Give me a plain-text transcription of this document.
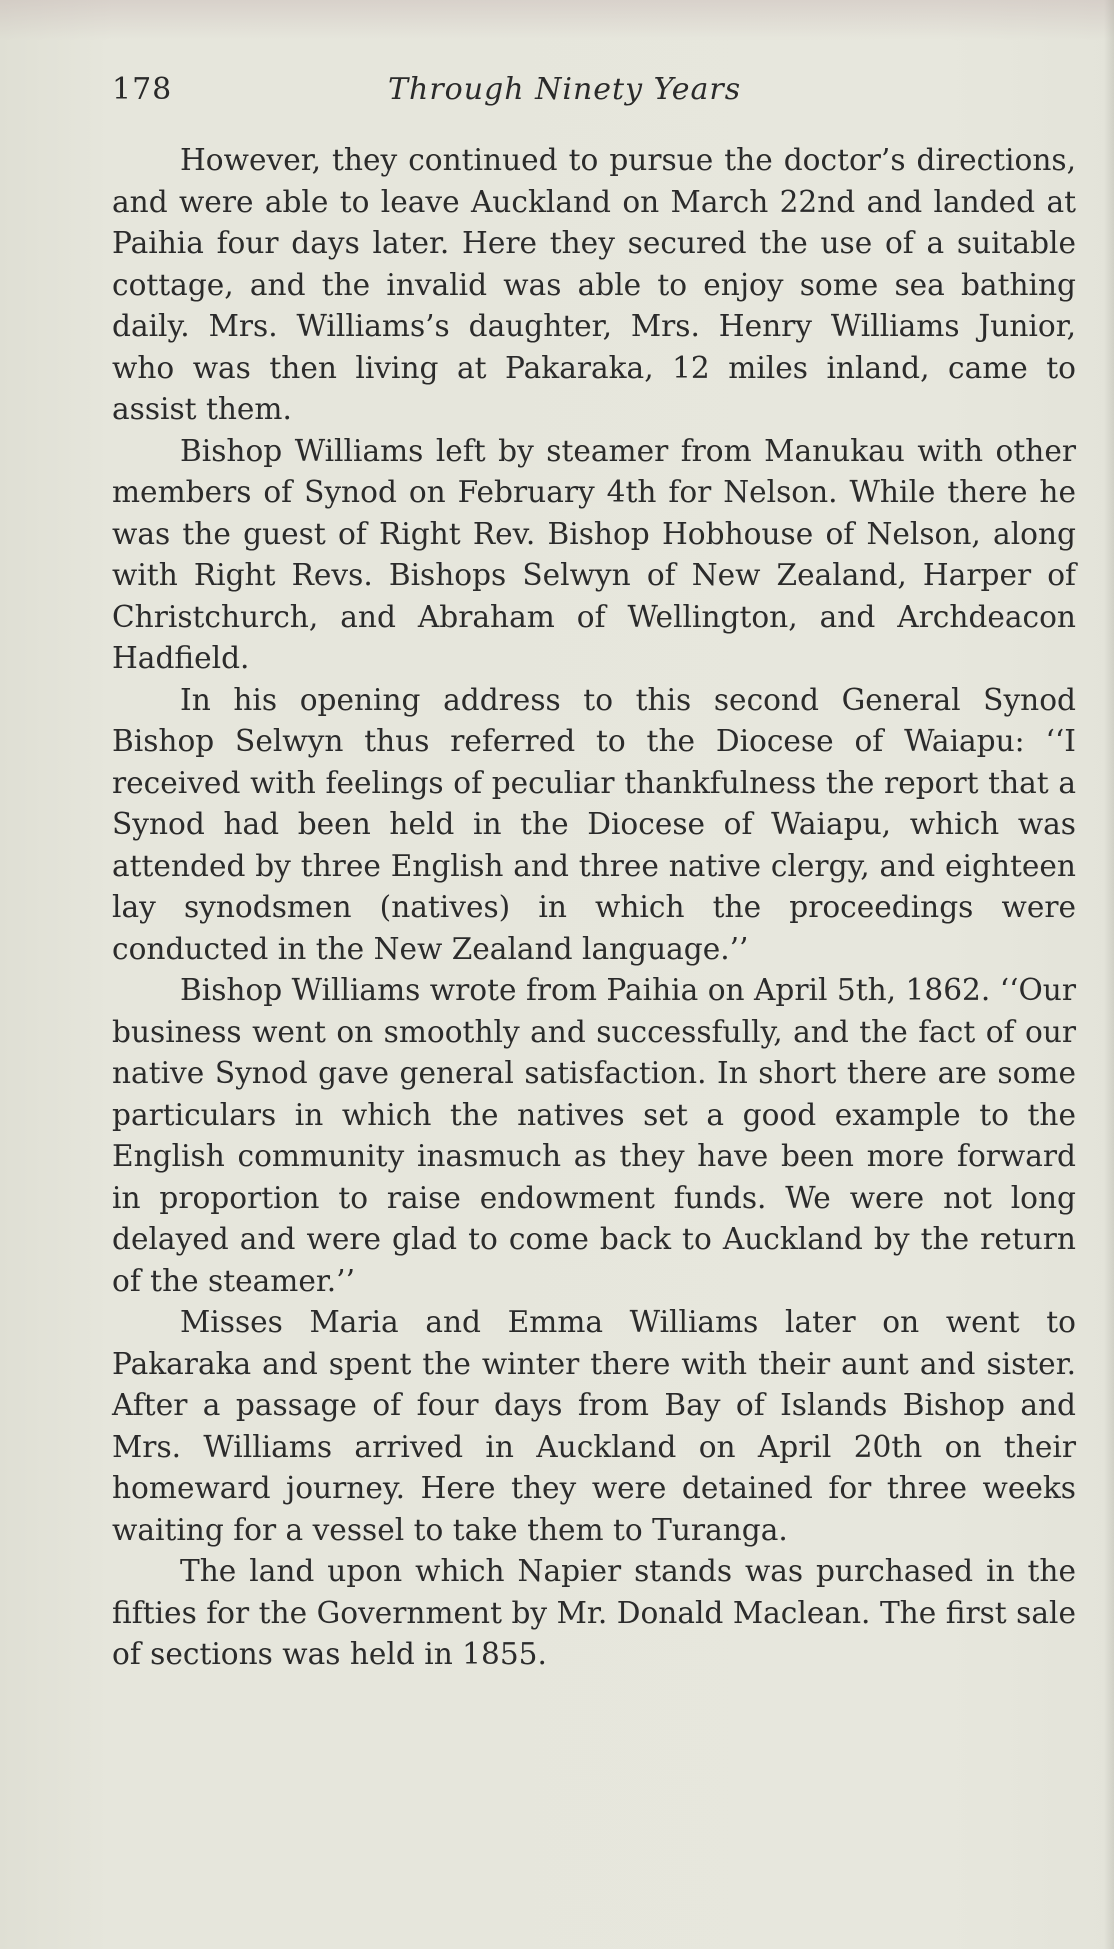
178	Through Ninety Years

However, they continued to pursue the doctor’s directions, and were able to leave Auckland on March 22nd and landed at Paihia four days later. Here they secured the use of a suitable cottage, and the invalid was able to enjoy some sea bathing daily. Mrs. Williams’s daughter, Mrs. Henry Williams Junior, who was then living at Pakaraka, 12 miles inland, came to assist them.

Bishop Williams left by steamer from Manukau with other members of Synod on February 4th for Nelson. While there he was the guest of Right Rev. Bishop Hobhouse of Nelson, along with Right Revs. Bishops Selwyn of New Zealand, Harper of Christchurch, and Abraham of Wellington, and Archdeacon Hadfield.

In his opening address to this second General Synod Bishop Selwyn thus referred to the Diocese of Waiapu: ‘‘I received with feelings of peculiar thankfulness the report that a Synod had been held in the Diocese of Waiapu, which was attended by three English and three native clergy, and eighteen lay synodsmen (natives) in which the proceedings were conducted in the New Zealand language.’’

Bishop Williams wrote from Paihia on April 5th, 1862. ‘‘Our business went on smoothly and successfully, and the fact of our native Synod gave general satisfaction. In short there are some particulars in which the natives set a good example to the English community inasmuch as they have been more forward in proportion to raise endowment funds. We were not long delayed and were glad to come back to Auckland by the return of the steamer.’’

Misses Maria and Emma Williams later on went to Pakaraka and spent the winter there with their aunt and sister. After a passage of four days from Bay of Islands Bishop and Mrs. Williams arrived in Auckland on April 20th on their homeward journey. Here they were detained for three weeks waiting for a vessel to take them to Turanga.

The land upon which Napier stands was purchased in the fifties for the Government by Mr. Donald Maclean. The first sale of sections was held in 1855.
